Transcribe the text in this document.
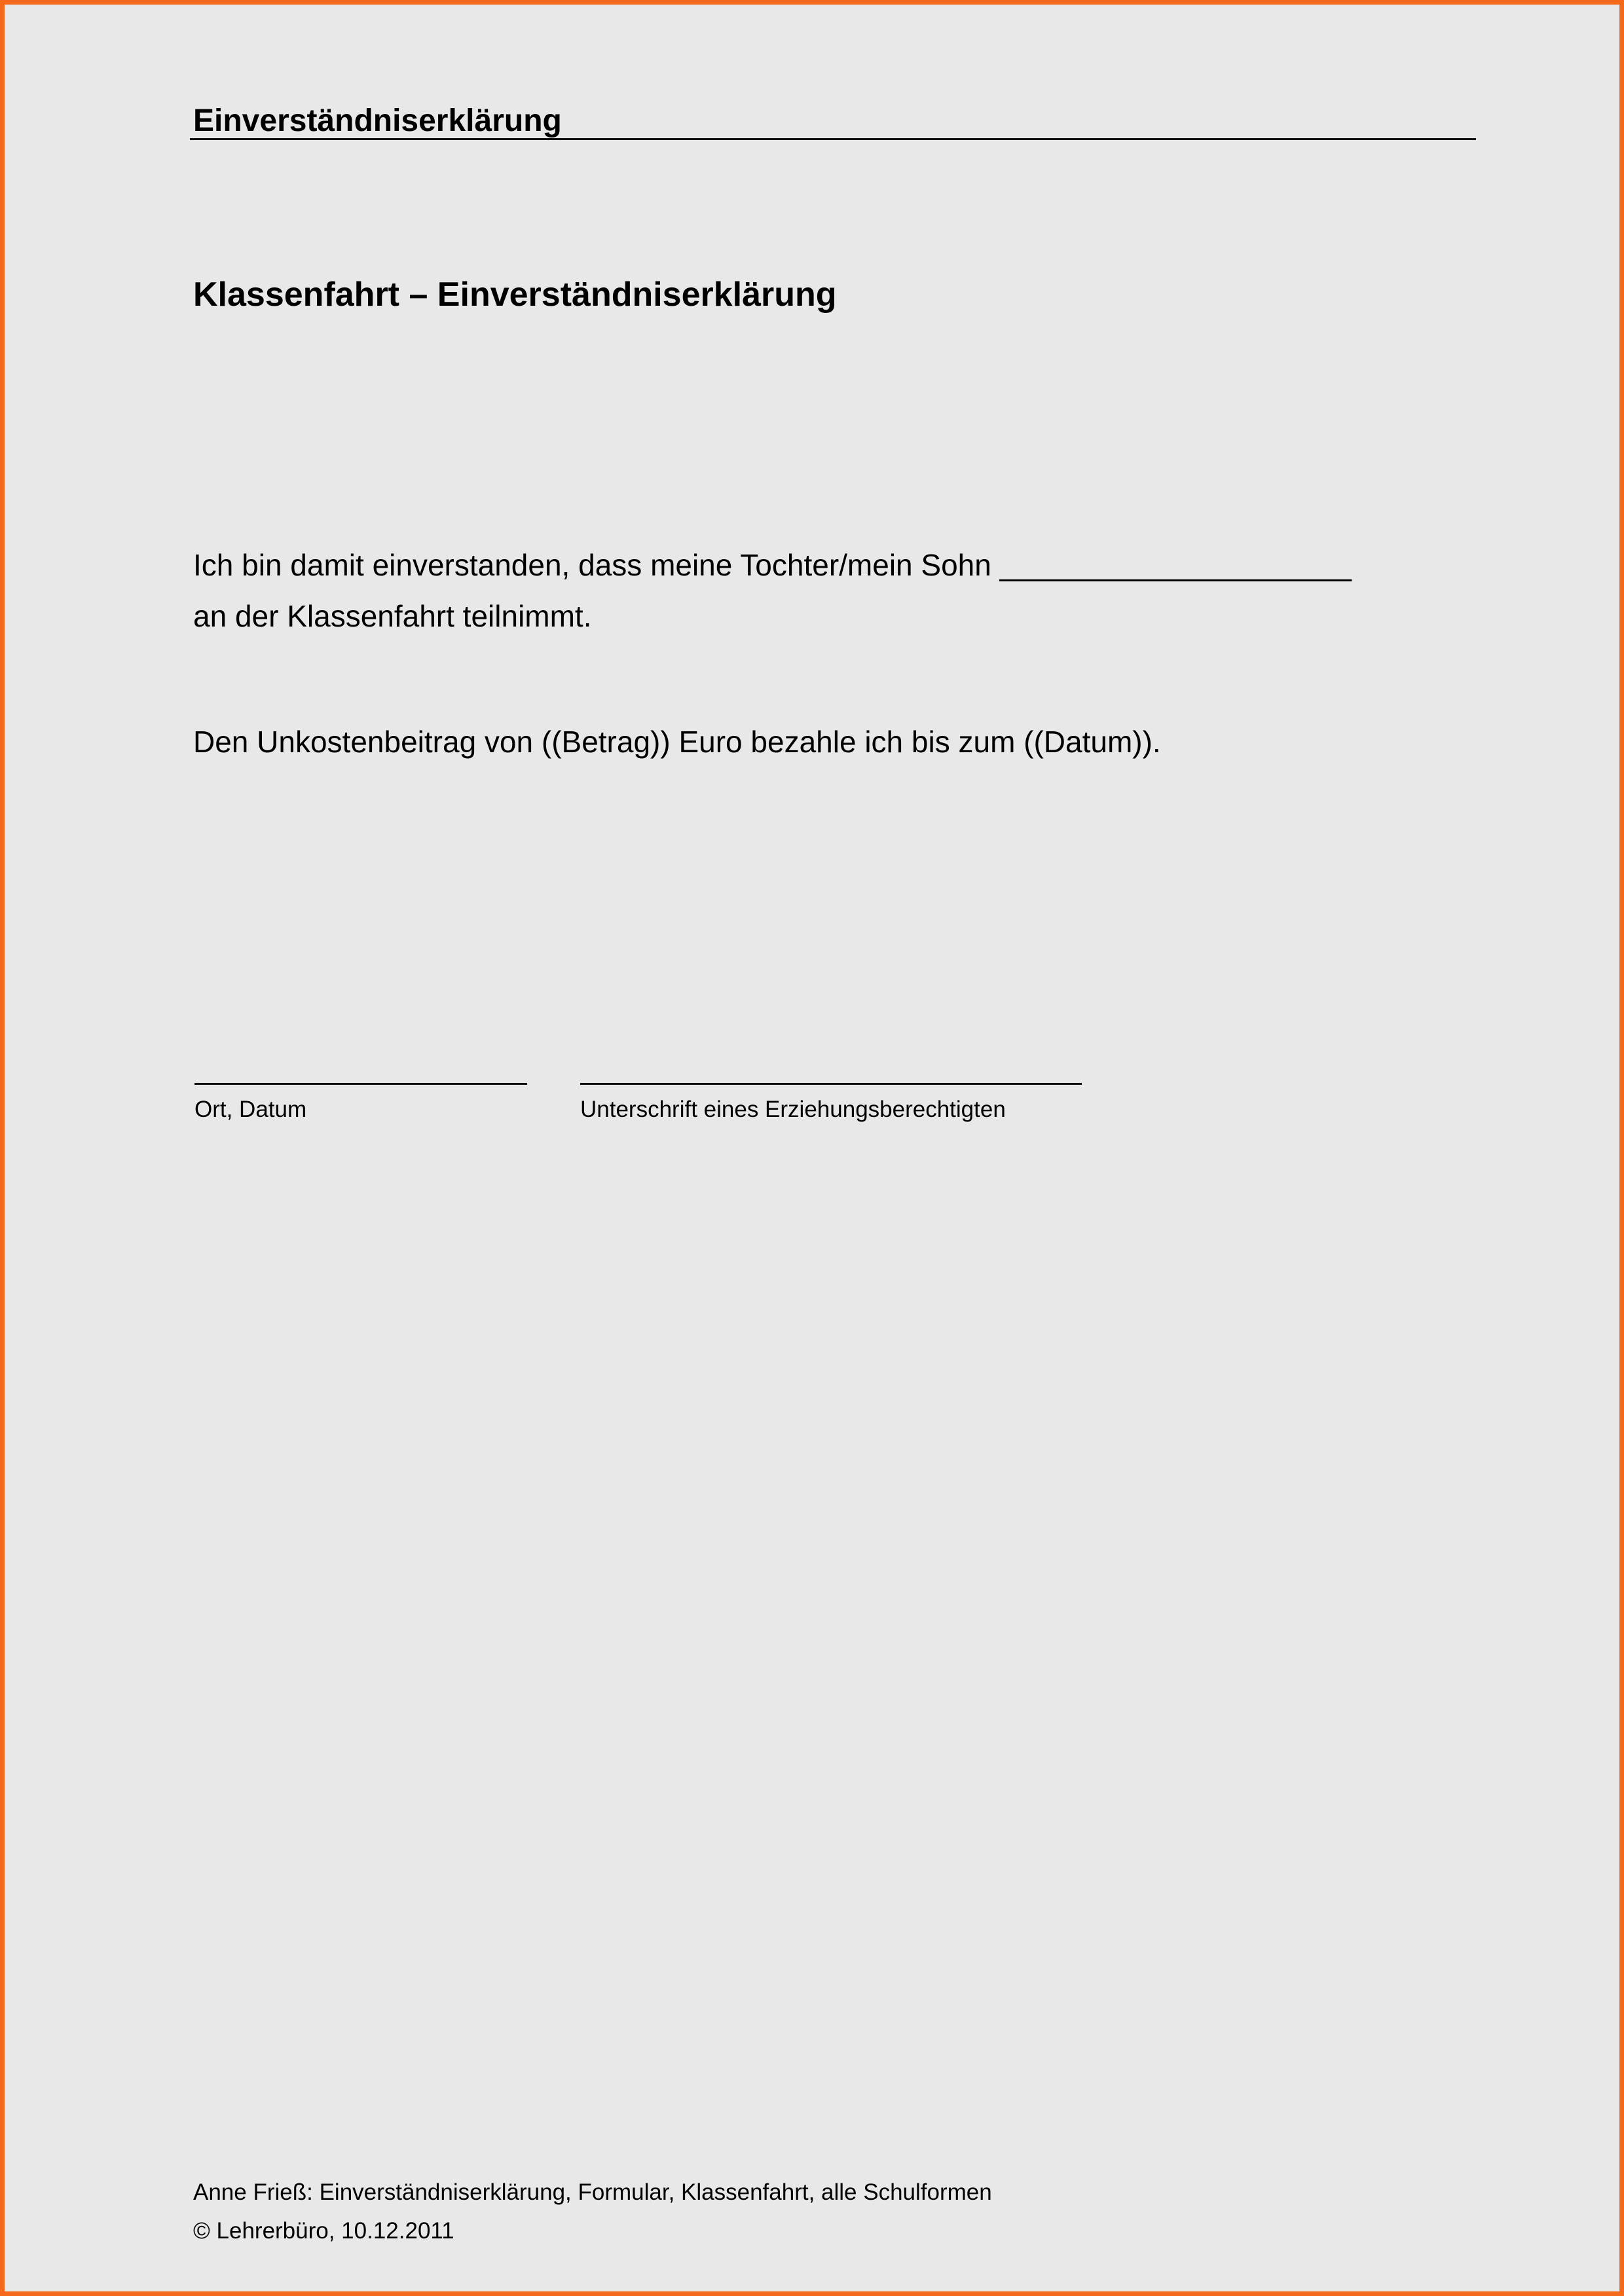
Einverständniserklärung
Klassenfahrt – Einverständniserklärung
Ich bin damit einverstanden, dass meine Tochter/mein Sohn _____________________
an der Klassenfahrt teilnimmt.
Den Unkostenbeitrag von ((Betrag)) Euro bezahle ich bis zum ((Datum)).
Ort, Datum	Unterschrift eines Erziehungsberechtigten
Anne Frieß: Einverständniserklärung, Formular, Klassenfahrt, alle Schulformen
© Lehrerbüro, 10.12.2011
